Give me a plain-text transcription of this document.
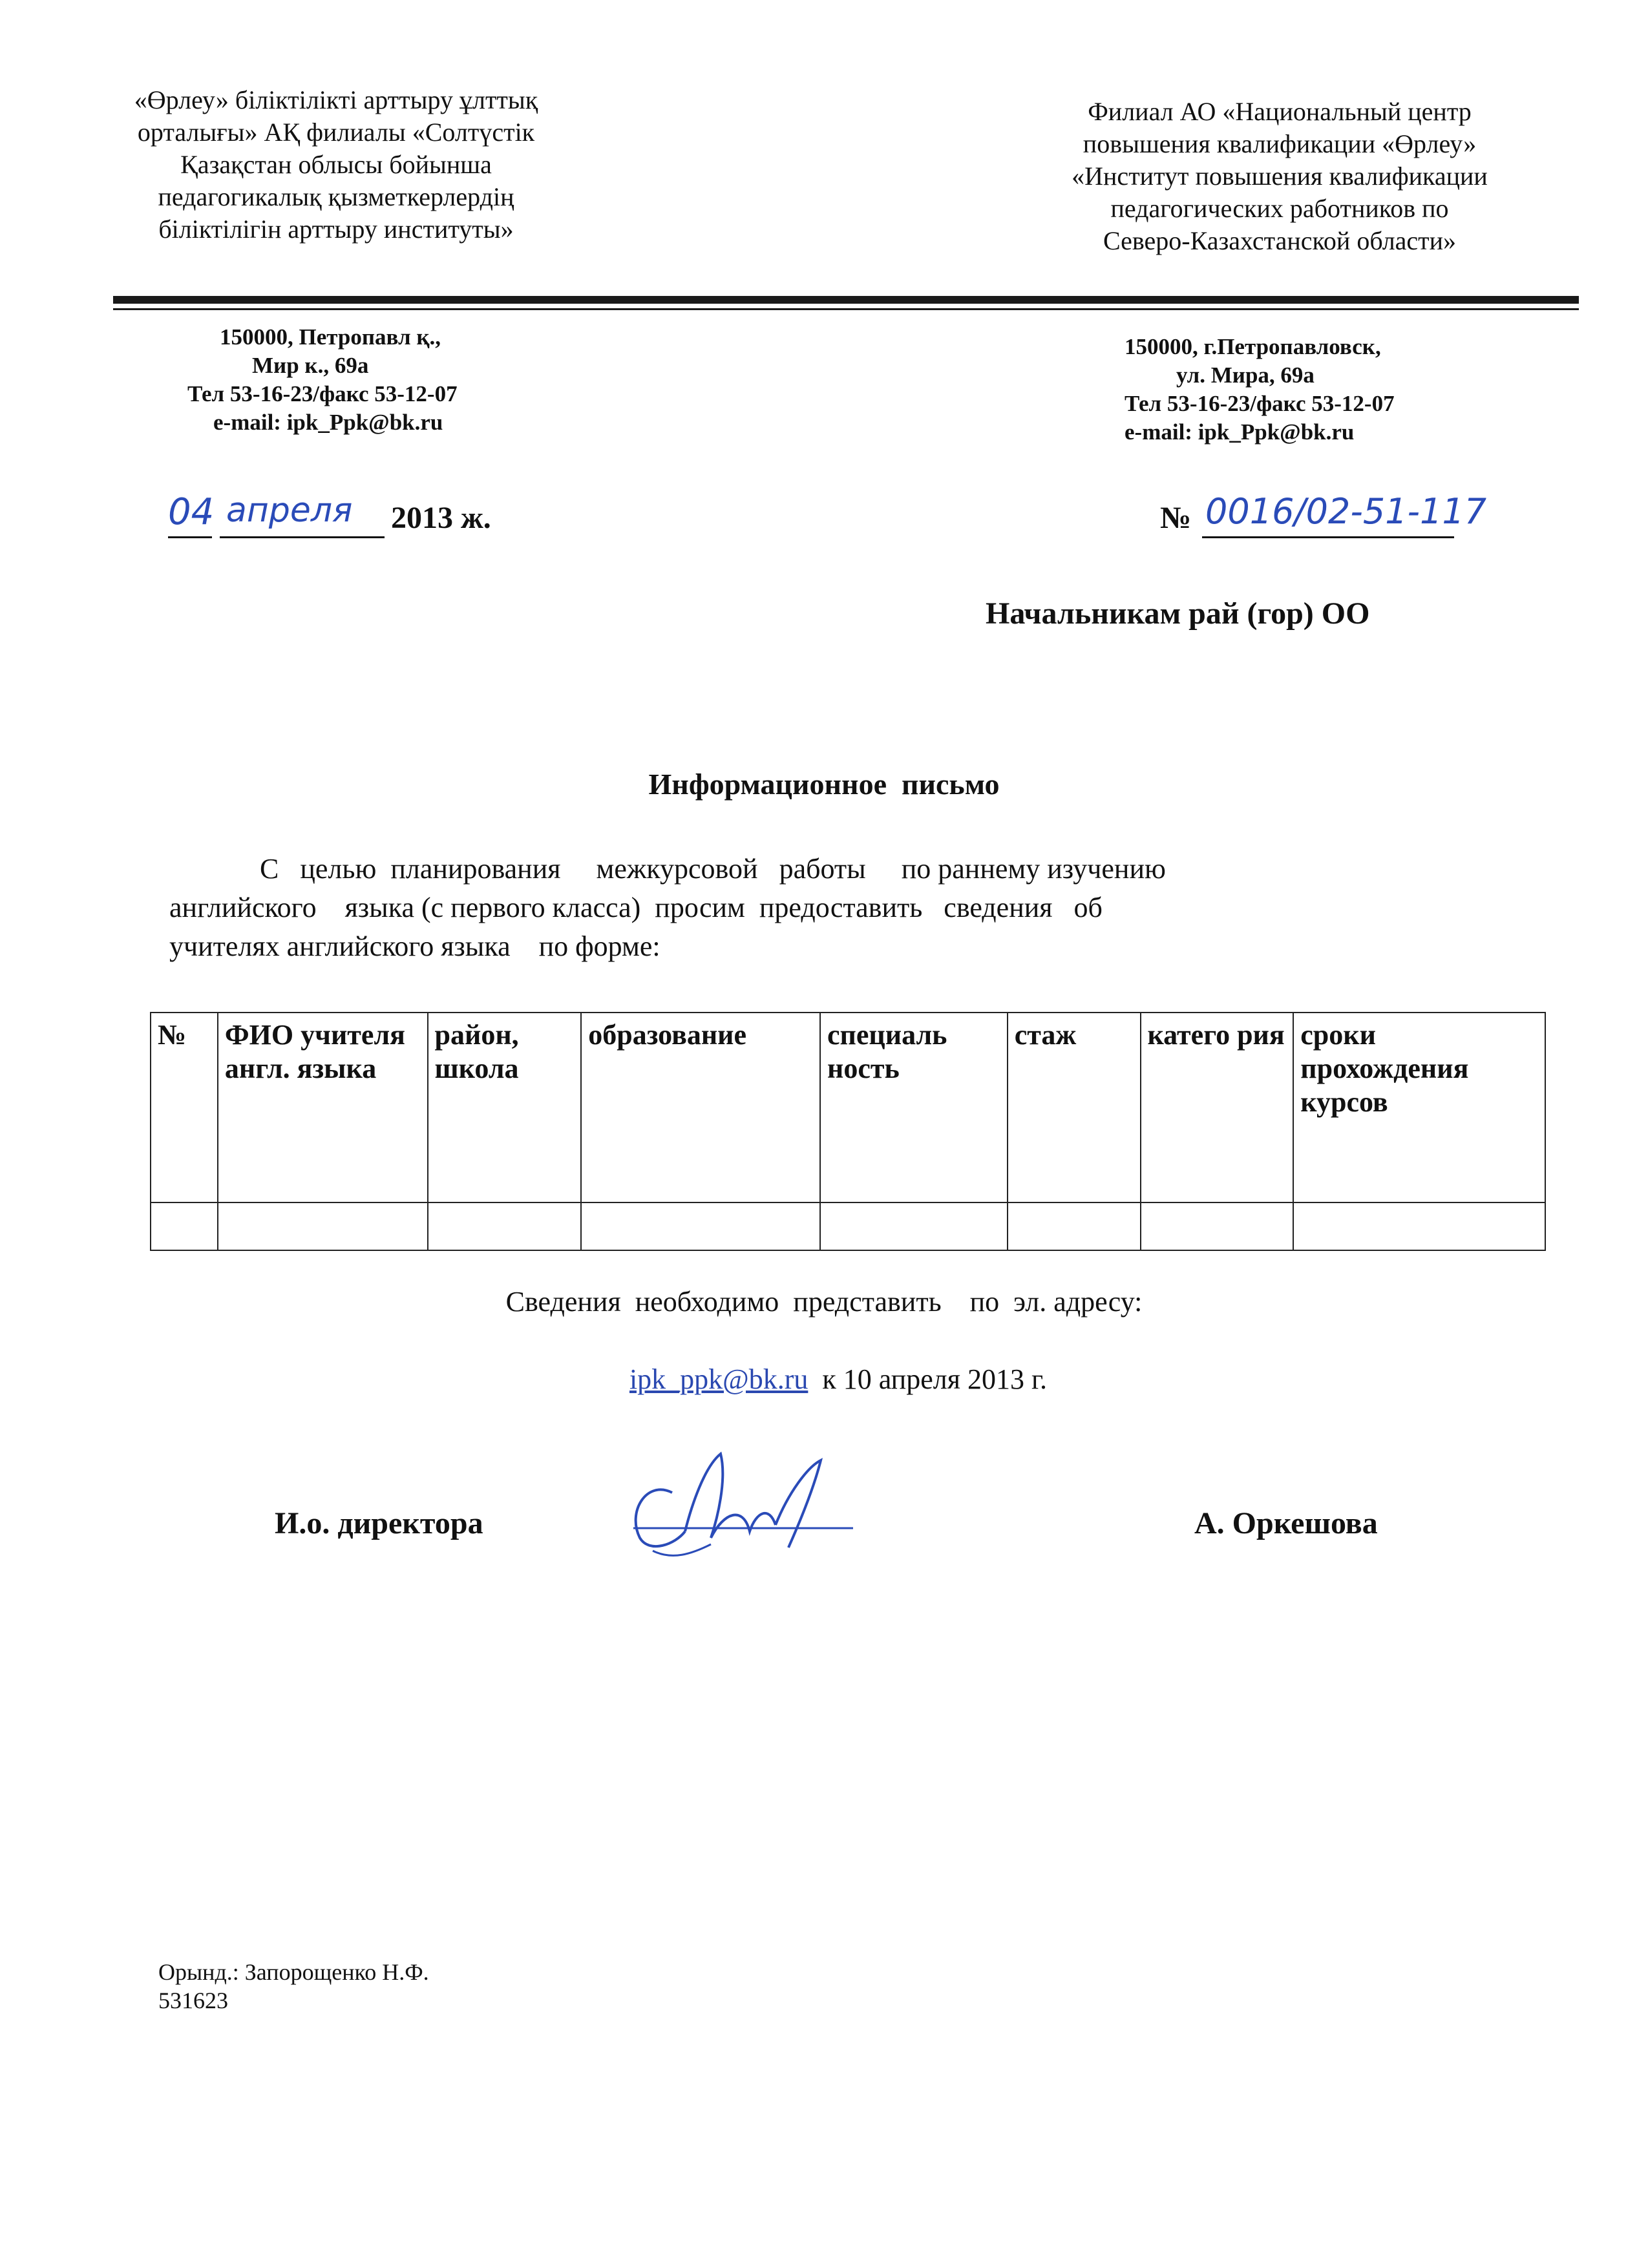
«Өрлеу» біліктілікті арттыру ұлттық
орталығы» АҚ филиалы «Солтүстік
Қазақстан облысы бойынша
педагогикалық қызметкерлердің
біліктілігін арттыру институты»
Филиал АО «Национальный центр
повышения квалификации «Өрлеу»
«Институт повышения квалификации
педагогических работников по
Северо-Казахстанской области»
150000, Петропавл қ.,
Мир к., 69а
Тел 53-16-23/факс 53-12-07
e-mail: ipk_Ppk@bk.ru
150000, г.Петропавловск,
ул. Мира, 69а
Тел 53-16-23/факс 53-12-07
e-mail: ipk_Ppk@bk.ru
04 апреля 2013 ж.	№ 0016/02-51-117
Начальникам рай (гор) ОО
Информационное  письмо
С   целью  планирования     межкурсовой   работы     по раннему изучению
английского    языка (с первого класса)  просим  предоставить   сведения   об
учителях английского языка    по форме:
№	ФИО учителя англ. языка	район, школа	образование	специаль ность	стаж	катего рия	сроки прохождения курсов

Сведения  необходимо  представить    по  эл. адресу:

ipk_ppk@bk.ru  к 10 апреля 2013 г.

И.о. директора	А. Оркешова
Орынд.: Запорощенко Н.Ф.
531623
